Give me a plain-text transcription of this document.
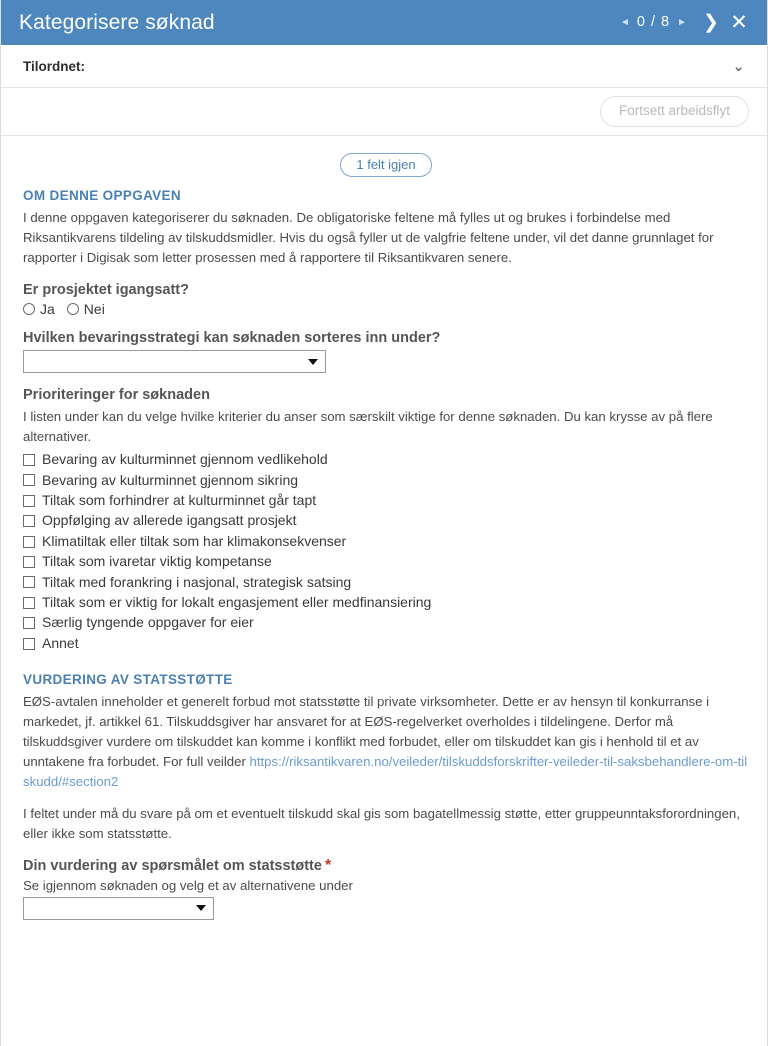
Kategorisere søknad	◄ 0 / 8 ► ❯ ✕
Tilordnet:	⌄
Fortsett arbeidsflyt
1 felt igjen
OM DENNE OPPGAVEN

I denne oppgaven kategoriserer du søknaden. De obligatoriske feltene må fylles ut og brukes i forbindelse med Riksantikvarens tildeling av tilskuddsmidler. Hvis du også fyller ut de valgfrie feltene under, vil det danne grunnlaget for rapporter i Digisak som letter prosessen med å rapportere til Riksantikvaren senere.

Er prosjektet igangsatt?
Ja Nei
Hvilken bevaringsstrategi kan søknaden sorteres inn under?
Prioriteringer for søknaden

I listen under kan du velge hvilke kriterier du anser som særskilt viktige for denne søknaden. Du kan krysse av på flere alternativer.

Bevaring av kulturminnet gjennom vedlikehold
Bevaring av kulturminnet gjennom sikring
Tiltak som forhindrer at kulturminnet går tapt
Oppfølging av allerede igangsatt prosjekt
Klimatiltak eller tiltak som har klimakonsekvenser
Tiltak som ivaretar viktig kompetanse
Tiltak med forankring i nasjonal, strategisk satsing
Tiltak som er viktig for lokalt engasjement eller medfinansiering
Særlig tyngende oppgaver for eier
Annet
VURDERING AV STATSSTØTTE

EØS-avtalen inneholder et generelt forbud mot statsstøtte til private virksomheter. Dette er av hensyn til konkurranse i markedet, jf. artikkel 61. Tilskuddsgiver har ansvaret for at EØS-regelverket overholdes i tildelingene. Derfor må tilskuddsgiver vurdere om tilskuddet kan komme i konflikt med forbudet, eller om tilskuddet kan gis i henhold til et av unntakene fra forbudet. For full veilder https://riksantikvaren.no/veileder/tilskuddsforskrifter-veileder-til-saksbehandlere-om-tilskudd/#section2

I feltet under må du svare på om et eventuelt tilskudd skal gis som bagatellmessig støtte, etter gruppeunntaksforordningen, eller ikke som statsstøtte.

Din vurdering av spørsmålet om statsstøtte *
Se igjennom søknaden og velg et av alternativene under
